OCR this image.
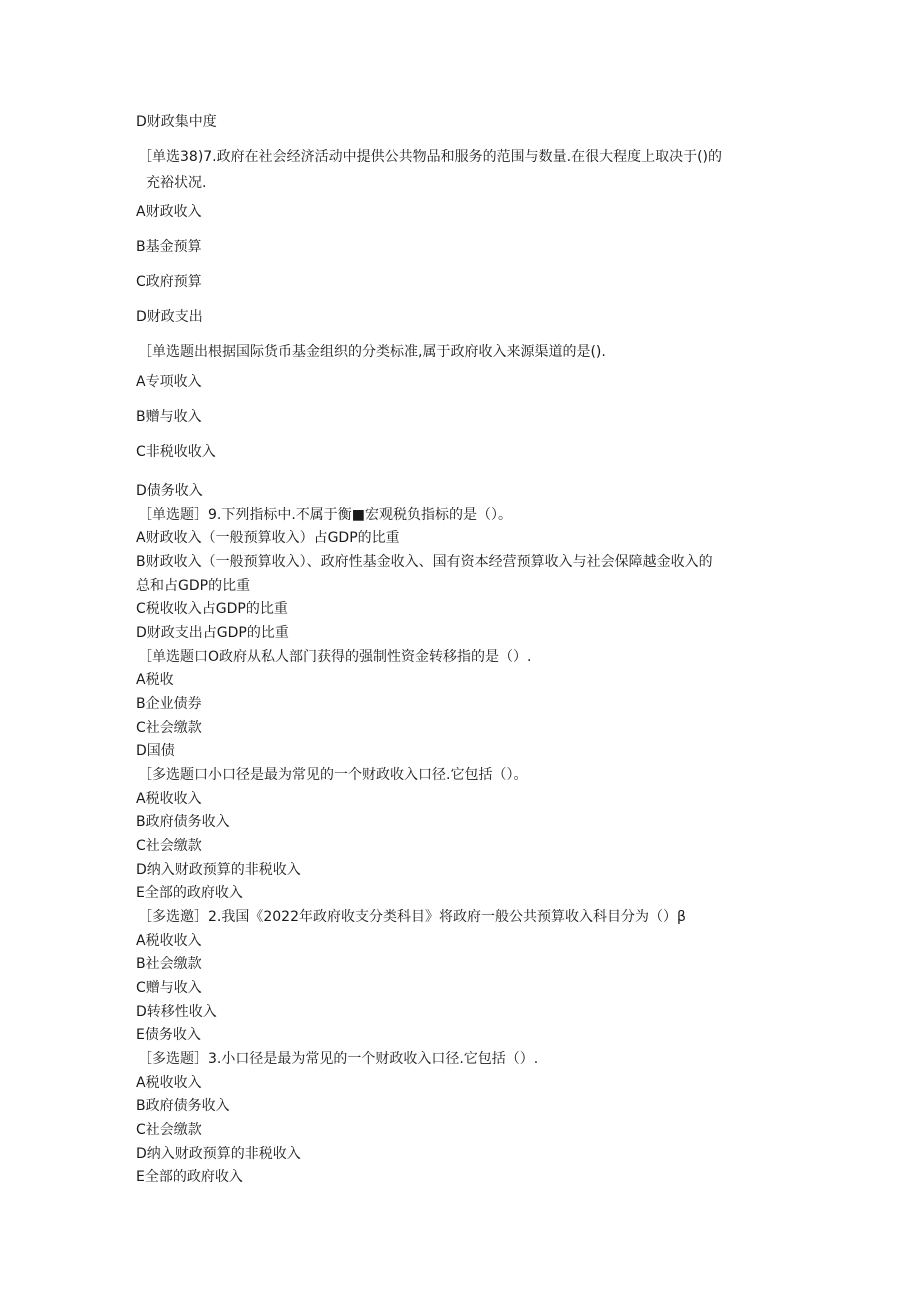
D财政集中度
［单选38)7.政府在社会经济活动中提供公共物品和服务的范围与数量.在很大程度上取决于()的
充裕状况.
A财政收入
B基金预算
C政府预算
D财政支出
［单选题出根据国际货币基金组织的分类标准,属于政府收入来源渠道的是().
A专项收入
B赠与收入
C非税收收入
D债务收入
［单选题］9.下列指标中.不属于衡■宏观税负指标的是（）。
A财政收入（一般预算收入）占GDP的比重
B财政收入（一般预算收入）、政府性基金收入、国有资本经营预算收入与社会保障越金收入的
总和占GDP的比重
C税收收入占GDP的比重
D财政支出占GDP的比重
［单选题口O政府从私人部门获得的强制性资金转移指的是（）.
A税收
B企业债券
C社会缴款
D国债
［多选题口小口径是最为常见的一个财政收入口径.它包括（）。
A税收收入
B政府债务收入
C社会缴款
D纳入财政预算的非税收入
E全部的政府收入
［多选邀］2.我国《2022年政府收支分类科目》将政府一般公共预算收入科目分为（）β
A税收收入
B社会缴款
C赠与收入
D转移性收入
E债务收入
［多选题］3.小口径是最为常见的一个财政收入口径.它包括（）.
A税收收入
B政府债务收入
C社会缴款
D纳入财政预算的非税收入
E全部的政府收入
